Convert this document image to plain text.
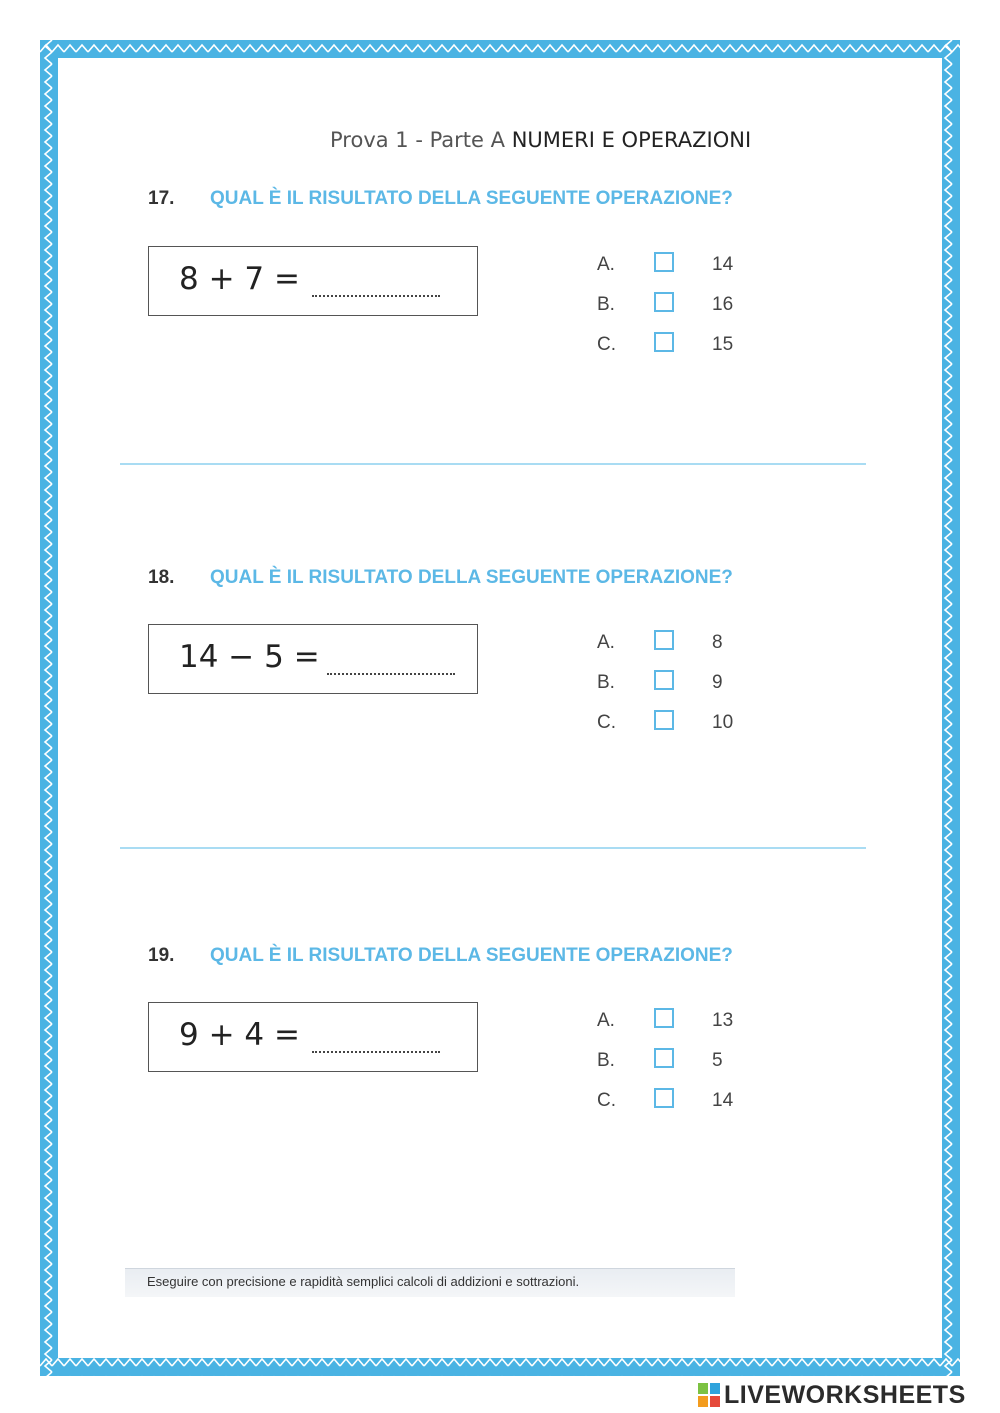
Prova 1 - Parte A NUMERI E OPERAZIONI
17. QUAL È IL RISULTATO DELLA SEGUENTE OPERAZIONE?
8 + 7 =	A.	14
B.	16
C.	15
18. QUAL È IL RISULTATO DELLA SEGUENTE OPERAZIONE?
14 − 5 =	A.	8
B.	9
C.	10
19. QUAL È IL RISULTATO DELLA SEGUENTE OPERAZIONE?
9 + 4 =	A.	13
B.	5
C.	14
Eseguire con precisione e rapidità semplici calcoli di addizioni e sottrazioni.
LIVEWORKSHEETS
